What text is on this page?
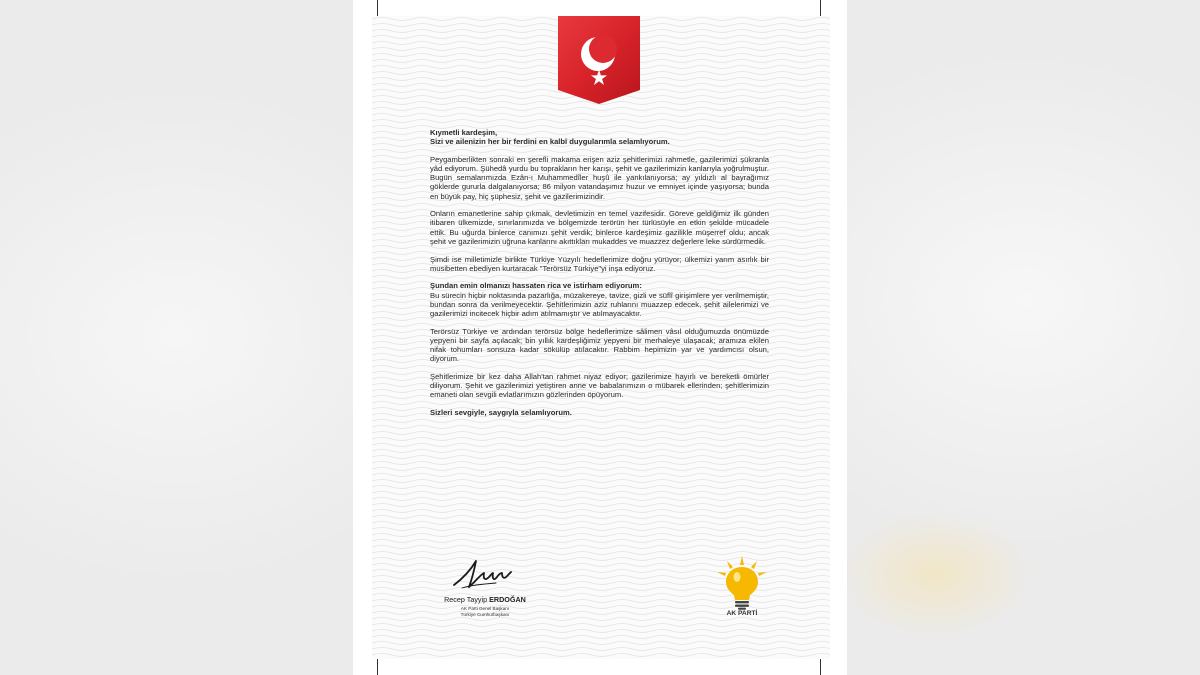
Kıymetli kardeşim,
Sizi ve ailenizin her bir ferdini en kalbî duygularımla selamlıyorum.

Peygamberlikten sonraki en şerefli makama erişen aziz şehitlerimizi rahmetle, gazilerimizi şükranla yâd ediyorum. Şühedâ yurdu bu toprakların her karışı, şehit ve gazilerimizin kanlarıyla yoğrulmuştur. Bugün semalarımızda Ezân-ı Muhammedîler huşû ile yankılanıyorsa; ay yıldızlı al bayrağımız göklerde gururla dalgalanıyorsa; 86 milyon vatandaşımız huzur ve emniyet içinde yaşıyorsa; bunda en büyük pay, hiç şüphesiz, şehit ve gazilerimizindir.

Onların emanetlerine sahip çıkmak, devletimizin en temel vazifesidir. Göreve geldiğimiz ilk günden itibaren ülkemizde, sınırlarımızda ve bölgemizde terörün her türlüsüyle en etkin şekilde mücadele ettik. Bu uğurda binlerce canımızı şehit verdik; binlerce kardeşimiz gazilikle müşerref oldu; ancak şehit ve gazilerimizin uğruna kanlarını akıttıkları mukaddes ve muazzez değerlere leke sürdürmedik.

Şimdi ise milletimizle birlikte Türkiye Yüzyılı hedeflerimize doğru yürüyor; ülkemizi yarım asırlık bir musibetten ebediyen kurtaracak "Terörsüz Türkiye"yi inşa ediyoruz.

Şundan emin olmanızı hassaten rica ve istirham ediyorum:
Bu sürecin hiçbir noktasında pazarlığa, müzakereye, tavize, gizli ve süflî girişimlere yer verilmemiştir, bundan sonra da verilmeyecektir. Şehitlerimizin aziz ruhlarını muazzep edecek, şehit ailelerimizi ve gazilerimizi incitecek hiçbir adım atılmamıştır ve atılmayacaktır.

Terörsüz Türkiye ve ardından terörsüz bölge hedeflerimize sâlimen vâsıl olduğumuzda önümüzde yepyeni bir sayfa açılacak; bin yıllık kardeşliğimiz yepyeni bir merhaleye ulaşacak; aramıza ekilen nifak tohumları sonsuza kadar sökülüp atılacaktır. Rabbim hepimizin yar ve yardımcısı olsun, diyorum.

Şehitlerimize bir kez daha Allah'tan rahmet niyaz ediyor; gazilerimize hayırlı ve bereketli ömürler diliyorum. Şehit ve gazilerimizi yetiştiren anne ve babalarımızın o mübarek ellerinden; şehitlerimizin emaneti olan sevgili evlatlarımızın gözlerinden öpüyorum.

Sizleri sevgiyle, saygıyla selamlıyorum.

Recep Tayyip ERDOĞAN
AK Parti Genel Başkanı
Türkiye Cumhurbaşkanı	AK PARTİ
